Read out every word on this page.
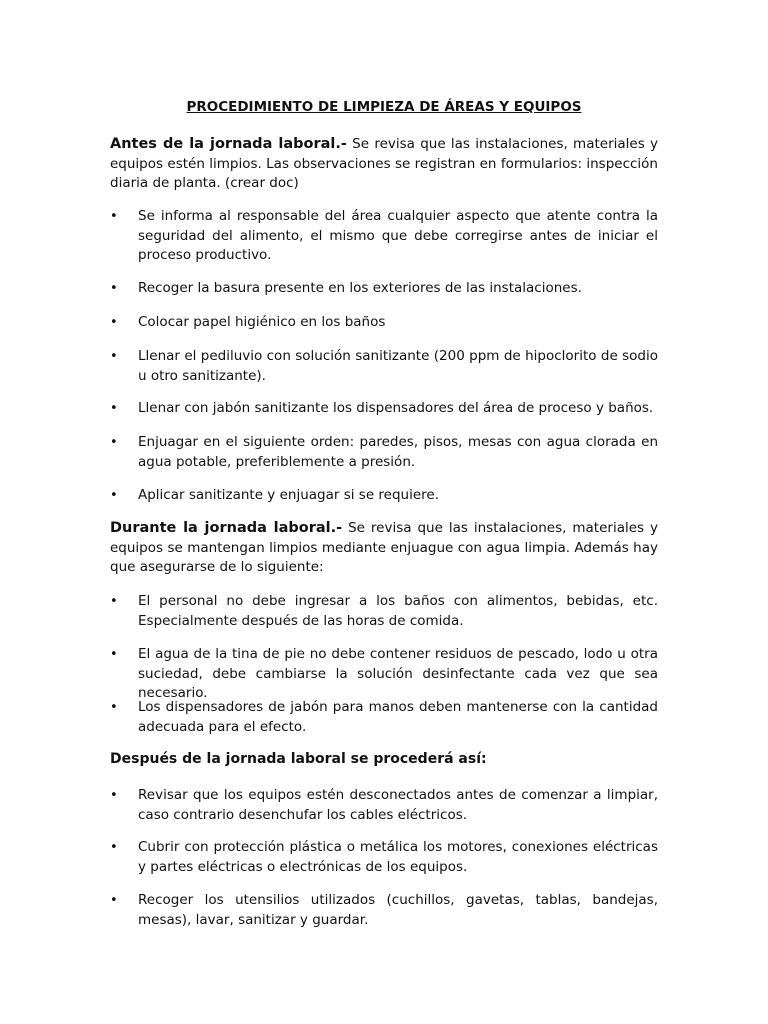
PROCEDIMIENTO DE LIMPIEZA DE ÁREAS Y EQUIPOS

Antes de la jornada laboral.- Se revisa que las instalaciones, materiales y equipos estén limpios. Las observaciones se registran en formularios: inspección diaria de planta. (crear doc)

• Se informa al responsable del área cualquier aspecto que atente contra la seguridad del alimento, el mismo que debe corregirse antes de iniciar el proceso productivo.
• Recoger la basura presente en los exteriores de las instalaciones.
• Colocar papel higiénico en los baños
• Llenar el pediluvio con solución sanitizante (200 ppm de hipoclorito de sodio u otro sanitizante).
• Llenar con jabón sanitizante los dispensadores del área de proceso y baños.
• Enjuagar en el siguiente orden: paredes, pisos, mesas con agua clorada en agua potable, preferiblemente a presión.
• Aplicar sanitizante y enjuagar si se requiere.

Durante la jornada laboral.- Se revisa que las instalaciones, materiales y equipos se mantengan limpios mediante enjuague con agua limpia. Además hay que asegurarse de lo siguiente:

• El personal no debe ingresar a los baños con alimentos, bebidas, etc. Especialmente después de las horas de comida.
• El agua de la tina de pie no debe contener residuos de pescado, lodo u otra suciedad, debe cambiarse la solución desinfectante cada vez que sea necesario.
• Los dispensadores de jabón para manos deben mantenerse con la cantidad adecuada para el efecto.

Después de la jornada laboral se procederá así:

• Revisar que los equipos estén desconectados antes de comenzar a limpiar, caso contrario desenchufar los cables eléctricos.
• Cubrir con protección plástica o metálica los motores, conexiones eléctricas y partes eléctricas o electrónicas de los equipos.
• Recoger los utensilios utilizados (cuchillos, gavetas, tablas, bandejas, mesas), lavar, sanitizar y guardar.
